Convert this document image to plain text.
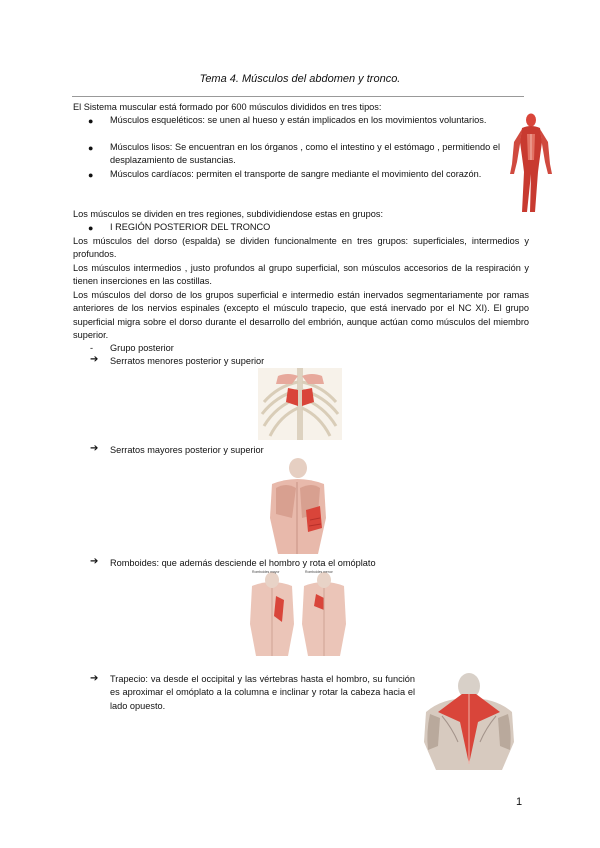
Tema 4. Músculos del abdomen y tronco.
El Sistema muscular está formado por 600 músculos divididos en tres tipos:
● Músculos esqueléticos: se unen al hueso y están implicados en los movimientos voluntarios.
● Músculos lisos: Se encuentran en los órganos , como el intestino y el estómago , permitiendo el desplazamiento de sustancias.
● Músculos cardíacos: permiten el transporte de sangre mediante el movimiento del corazón.
Los músculos se dividen en tres regiones, subdividiendose estas en grupos:
● I REGIÓN POSTERIOR DEL TRONCO
Los músculos del dorso (espalda) se dividen funcionalmente en tres grupos: superficiales, intermedios y profundos.
Los músculos intermedios , justo profundos al grupo superficial, son músculos accesorios de la respiración y tienen inserciones en las costillas.
Los músculos del dorso de los grupos superficial e intermedio están inervados segmentariamente por ramas anteriores de los nervios espinales (excepto el músculo trapecio, que está inervado por el NC XI). El grupo superficial migra sobre el dorso durante el desarrollo del embrión, aunque actúan como músculos del miembro superior.
- Grupo posterior
➔ Serratos menores posterior y superior
➔ Serratos mayores posterior y superior
➔ Romboides: que además desciende el hombro y rota el omóplato
Romboides mayor	Romboides menor
➔ Trapecio: va desde el occipital y las vértebras hasta el hombro, su función es aproximar el omóplato a la columna e inclinar y rotar la cabeza hacia el lado opuesto.
1
